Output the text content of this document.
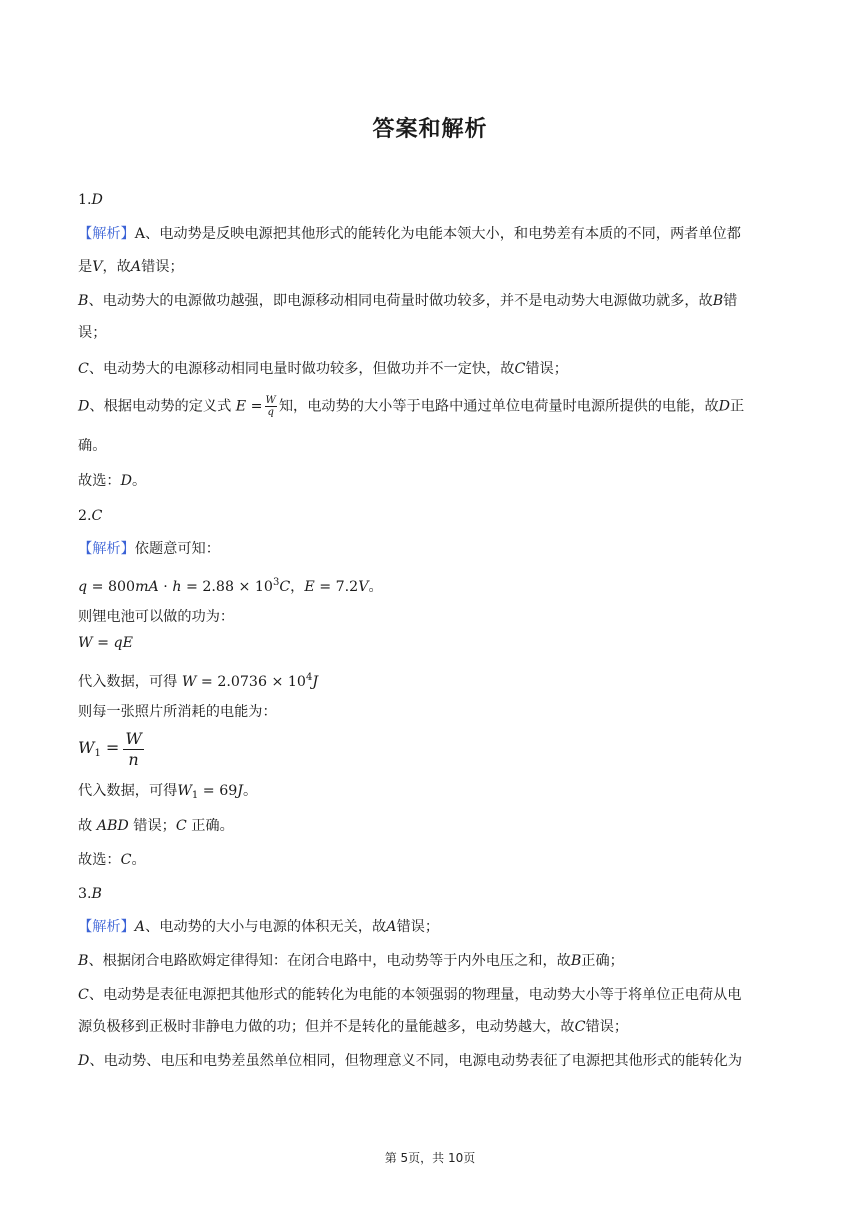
答案和解析
1.D
【解析】A、电动势是反映电源把其他形式的能转化为电能本领大小，和电势差有本质的不同，两者单位都
是V，故A错误；
B、电动势大的电源做功越强，即电源移动相同电荷量时做功较多，并不是电动势大电源做功就多，故B错
误；
C、电动势大的电源移动相同电量时做功较多，但做功并不一定快，故C错误；
D、根据电动势的定义式 $E = \frac{W}{q}$ 知，电动势的大小等于电路中通过单位电荷量时电源所提供的电能，故D正
确。
故选：D。
2.C
【解析】依题意可知：
$q = 800mA \cdot h = 2.88 \times 10^3C$，E = 7.2V。
则锂电池可以做的功为：
W = qE
代入数据，可得 $W = 2.0736 \times 10^4J$
则每一张照片所消耗的电能为：
$W_1 = \frac{W}{n}$
代入数据，可得$W_1 = 69J$。
故 ABD 错误；C 正确。
故选：C。
3.B
【解析】A、电动势的大小与电源的体积无关，故A错误；
B、根据闭合电路欧姆定律得知：在闭合电路中，电动势等于内外电压之和，故B正确；
C、电动势是表征电源把其他形式的能转化为电能的本领强弱的物理量，电动势大小等于将单位正电荷从电
源负极移到正极时非静电力做的功；但并不是转化的量能越多，电动势越大，故C错误；
D、电动势、电压和电势差虽然单位相同，但物理意义不同，电源电动势表征了电源把其他形式的能转化为
第 5页，共 10页
